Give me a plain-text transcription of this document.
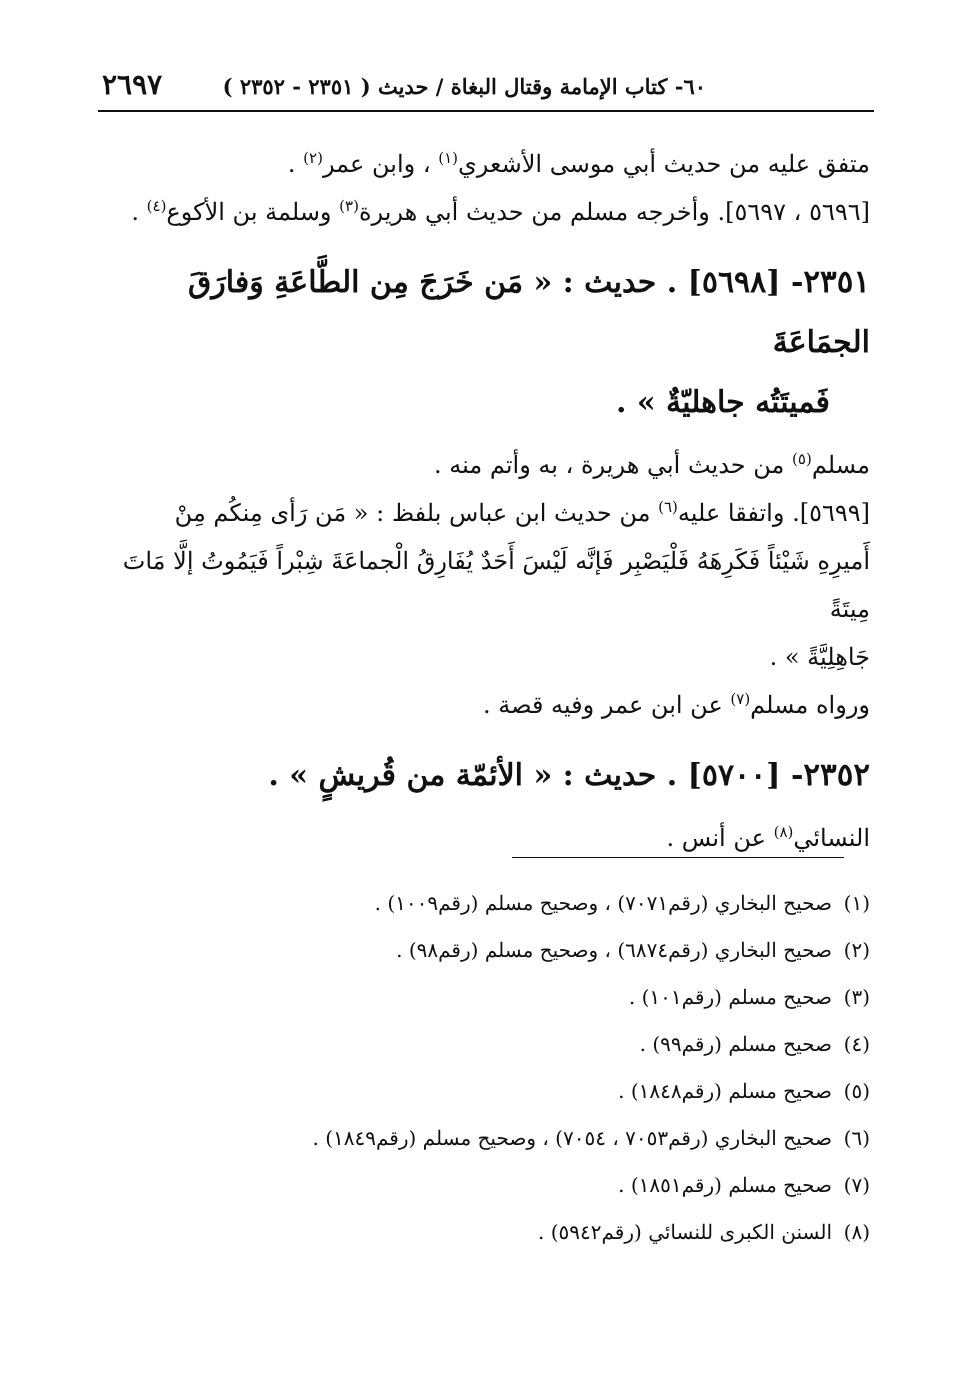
٦٠- كتاب الإمامة وقتال البغاة / حديث ( ٢٣٥١ - ٢٣٥٢ )
٢٦٩٧

متفق عليه من حديث أبي موسى الأشعري$^{(١)}$ ، وابن عمر$^{(٢)}$ .

[٥٦٩٦ ، ٥٦٩٧]. وأخرجه مسلم من حديث أبي هريرة$^{(٣)}$ وسلمة بن الأكوع$^{(٤)}$ .

٢٣٥١- [٥٦٩٨] . حديث : « مَن خَرَجَ مِن الطَّاعَةِ وَفارَقَ الجمَاعَةَ
فَميتَتُه جاهليّةٌ » .

مسلم$^{(٥)}$ من حديث أبي هريرة ، به وأتم منه .

[٥٦٩٩]. واتفقا عليه$^{(٦)}$ من حديث ابن عباس بلفظ : « مَن رَأى مِنكُم مِنْ

أَميرِهِ شَيْئاً فَكَرِهَهُ فَلْيَصْبِر فَإنَّه لَيْسَ أَحَدٌ يُفَارِقُ الْجماعَةَ شِبْراً فَيَمُوتُ إلَّا مَاتَ مِيتَةً

جَاهِلِيَّةً » .

ورواه مسلم$^{(٧)}$ عن ابن عمر وفيه قصة .

٢٣٥٢- [٥٧٠٠] . حديث : « الأئمّة من قُريشٍ » .

النسائي$^{(٨)}$ عن أنس .

(١)صحيح البخاري (رقم٧٠٧١) ، وصحيح مسلم (رقم١٠٠٩) .
(٢)صحيح البخاري (رقم٦٨٧٤) ، وصحيح مسلم (رقم٩٨) .
(٣)صحيح مسلم (رقم١٠١) .
(٤)صحيح مسلم (رقم٩٩) .
(٥)صحيح مسلم (رقم١٨٤٨) .
(٦)صحيح البخاري (رقم٧٠٥٣ ، ٧٠٥٤) ، وصحيح مسلم (رقم١٨٤٩) .
(٧)صحيح مسلم (رقم١٨٥١) .
(٨)السنن الكبرى للنسائي (رقم٥٩٤٢) .
